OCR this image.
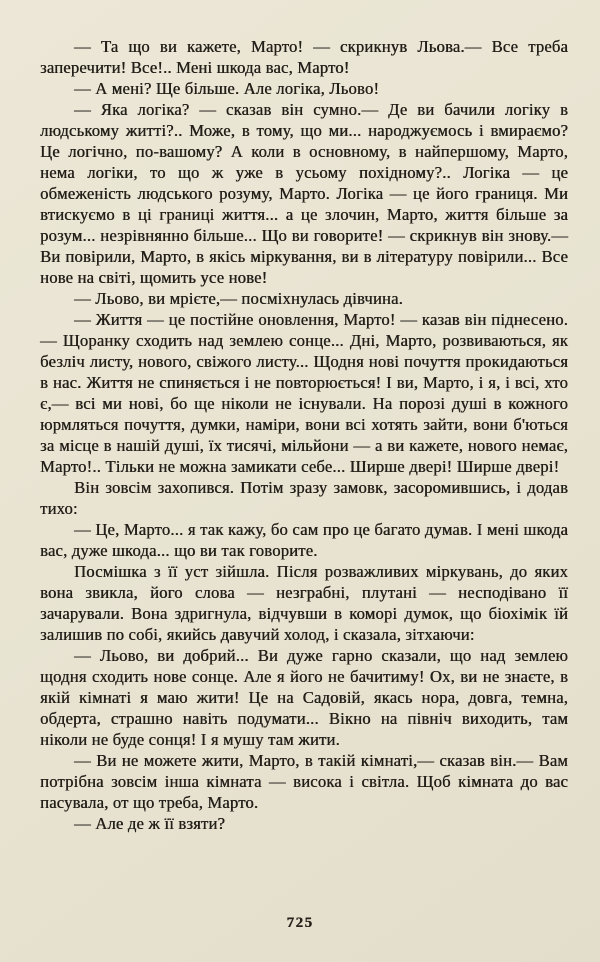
— Та що ви кажете, Марто! — скрикнув Льова.— Все треба заперечити! Все!.. Мені шкода вас, Марто!

— А мені? Ще більше. Але логіка, Льово!

— Яка логіка? — сказав він сумно.— Де ви бачили логіку в людському житті?.. Може, в тому, що ми... народжуємось і вмираємо? Це логічно, по-вашому? А коли в основному, в найпершому, Марто, нема логіки, то що ж уже в усьому похідному?.. Логіка — це обмеженість людського розуму, Марто. Логіка — це його границя. Ми втискуємо в ці границі життя... а це злочин, Марто, життя більше за розум... незрівнянно більше... Що ви говорите! — скрикнув він знову.— Ви повірили, Марто, в якісь міркування, ви в літературу повірили... Все нове на світі, щомить усе нове!

— Льово, ви мрієте,— посміхнулась дівчина.

— Життя — це постійне оновлення, Марто! — казав він піднесено.— Щоранку сходить над землею сонце... Дні, Марто, розвиваються, як безліч листу, нового, свіжого листу... Щодня нові почуття прокидаються в нас. Життя не спиняється і не повторюється! І ви, Марто, і я, і всі, хто є,— всі ми нові, бо ще ніколи не існували. На порозі душі в кожного юрмляться почуття, думки, наміри, вони всі хотять зайти, вони б'ються за місце в нашій душі, їх тисячі, мільйони — а ви кажете, нового немає, Марто!.. Тільки не можна замикати себе... Ширше двері! Ширше двері!

Він зовсім захопився. Потім зразу замовк, засоромившись, і додав тихо:

— Це, Марто... я так кажу, бо сам про це багато думав. І мені шкода вас, дуже шкода... що ви так говорите.

Посмішка з її уст зійшла. Після розважливих міркувань, до яких вона звикла, його слова — незграбні, плутані — несподівано її зачарували. Вона здригнула, відчувши в коморі думок, що біохімік їй залишив по собі, якийсь давучий холод, і сказала, зітхаючи:

— Льово, ви добрий... Ви дуже гарно сказали, що над землею щодня сходить нове сонце. Але я його не бачитиму! Ох, ви не знаєте, в якій кімнаті я маю жити! Це на Садовій, якась нора, довга, темна, обдерта, страшно навіть подумати... Вікно на північ виходить, там ніколи не буде сонця! І я мушу там жити.

— Ви не можете жити, Марто, в такій кімнаті,— сказав він.— Вам потрібна зовсім інша кімната — висока і світла. Щоб кімната до вас пасувала, от що треба, Марто.

— Але де ж її взяти?

725
